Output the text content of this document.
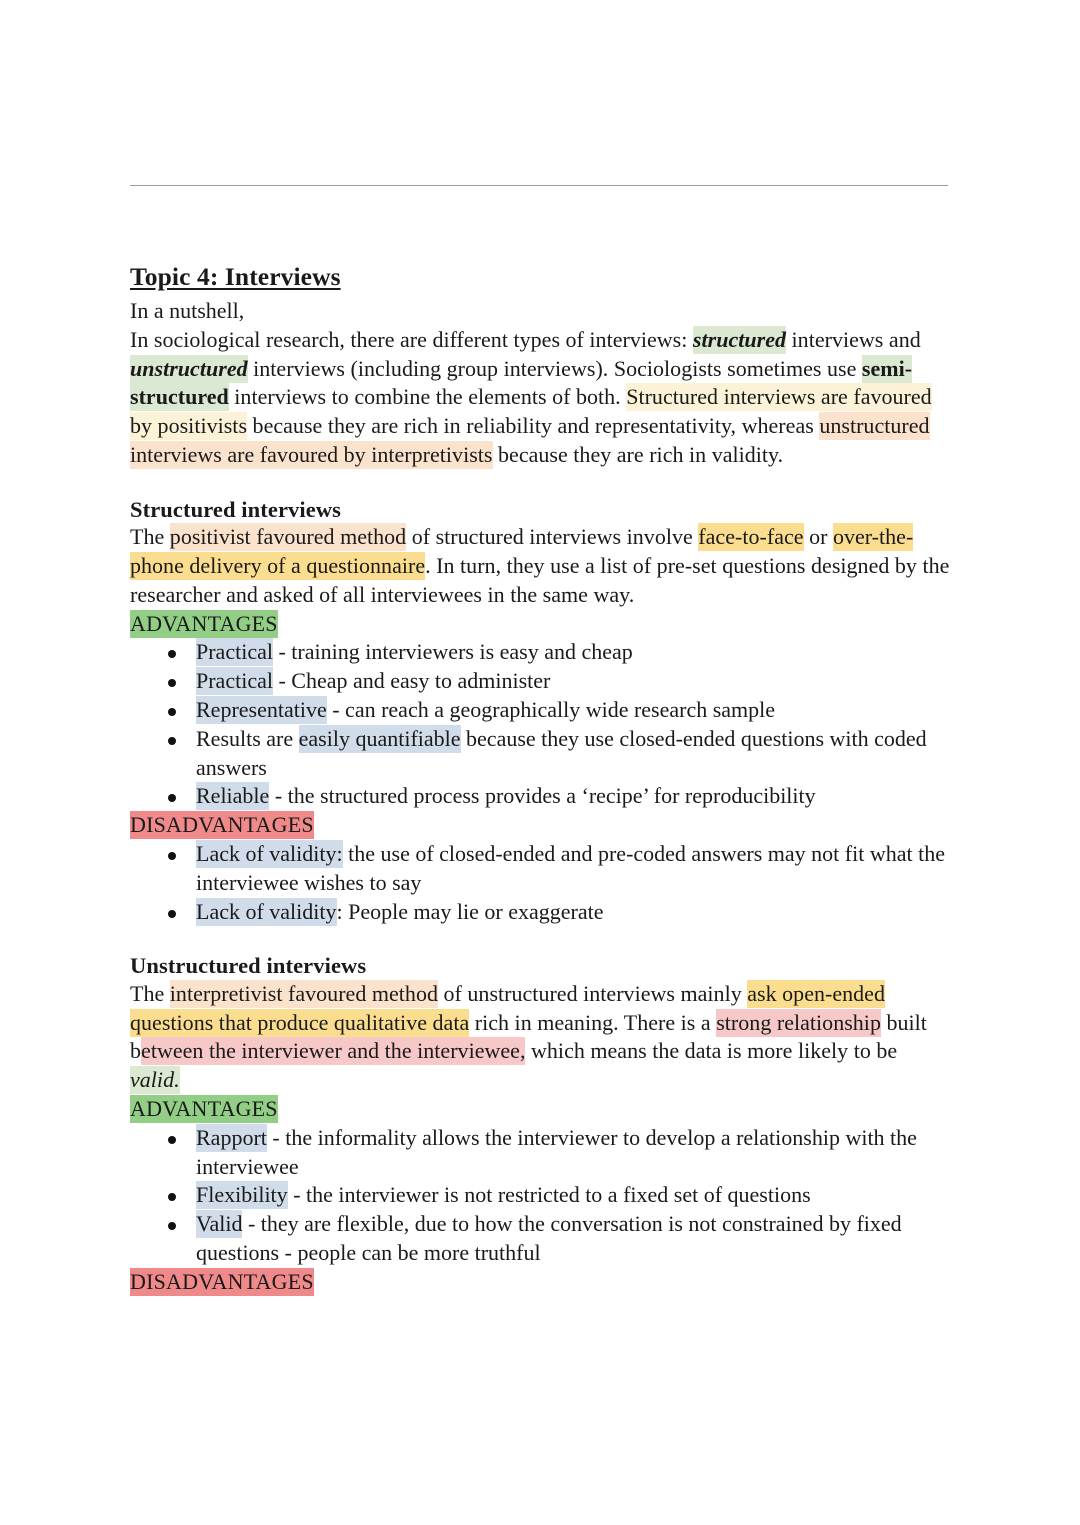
Topic 4: Interviews

In a nutshell,

In sociological research, there are different types of interviews: structured interviews and unstructured interviews (including group interviews). Sociologists sometimes use semi-structured interviews to combine the elements of both. Structured interviews are favoured by positivists because they are rich in reliability and representativity, whereas unstructured interviews are favoured by interpretivists because they are rich in validity.

Structured interviews

The positivist favoured method of structured interviews involve face-to-face or over-the-phone delivery of a questionnaire. In turn, they use a list of pre-set questions designed by the researcher and asked of all interviewees in the same way.

ADVANTAGES

Practical - training interviewers is easy and cheap
Practical - Cheap and easy to administer
Representative - can reach a geographically wide research sample
Results are easily quantifiable because they use closed-ended questions with coded answers
Reliable - the structured process provides a ‘recipe’ for reproducibility

DISADVANTAGES

Lack of validity: the use of closed-ended and pre-coded answers may not fit what the interviewee wishes to say
Lack of validity: People may lie or exaggerate
Unstructured interviews

The interpretivist favoured method of unstructured interviews mainly ask open-ended questions that produce qualitative data rich in meaning. There is a strong relationship built between the interviewer and the interviewee, which means the data is more likely to be valid.

ADVANTAGES

Rapport - the informality allows the interviewer to develop a relationship with the interviewee
Flexibility - the interviewer is not restricted to a fixed set of questions
Valid - they are flexible, due to how the conversation is not constrained by fixed questions - people can be more truthful

DISADVANTAGES
